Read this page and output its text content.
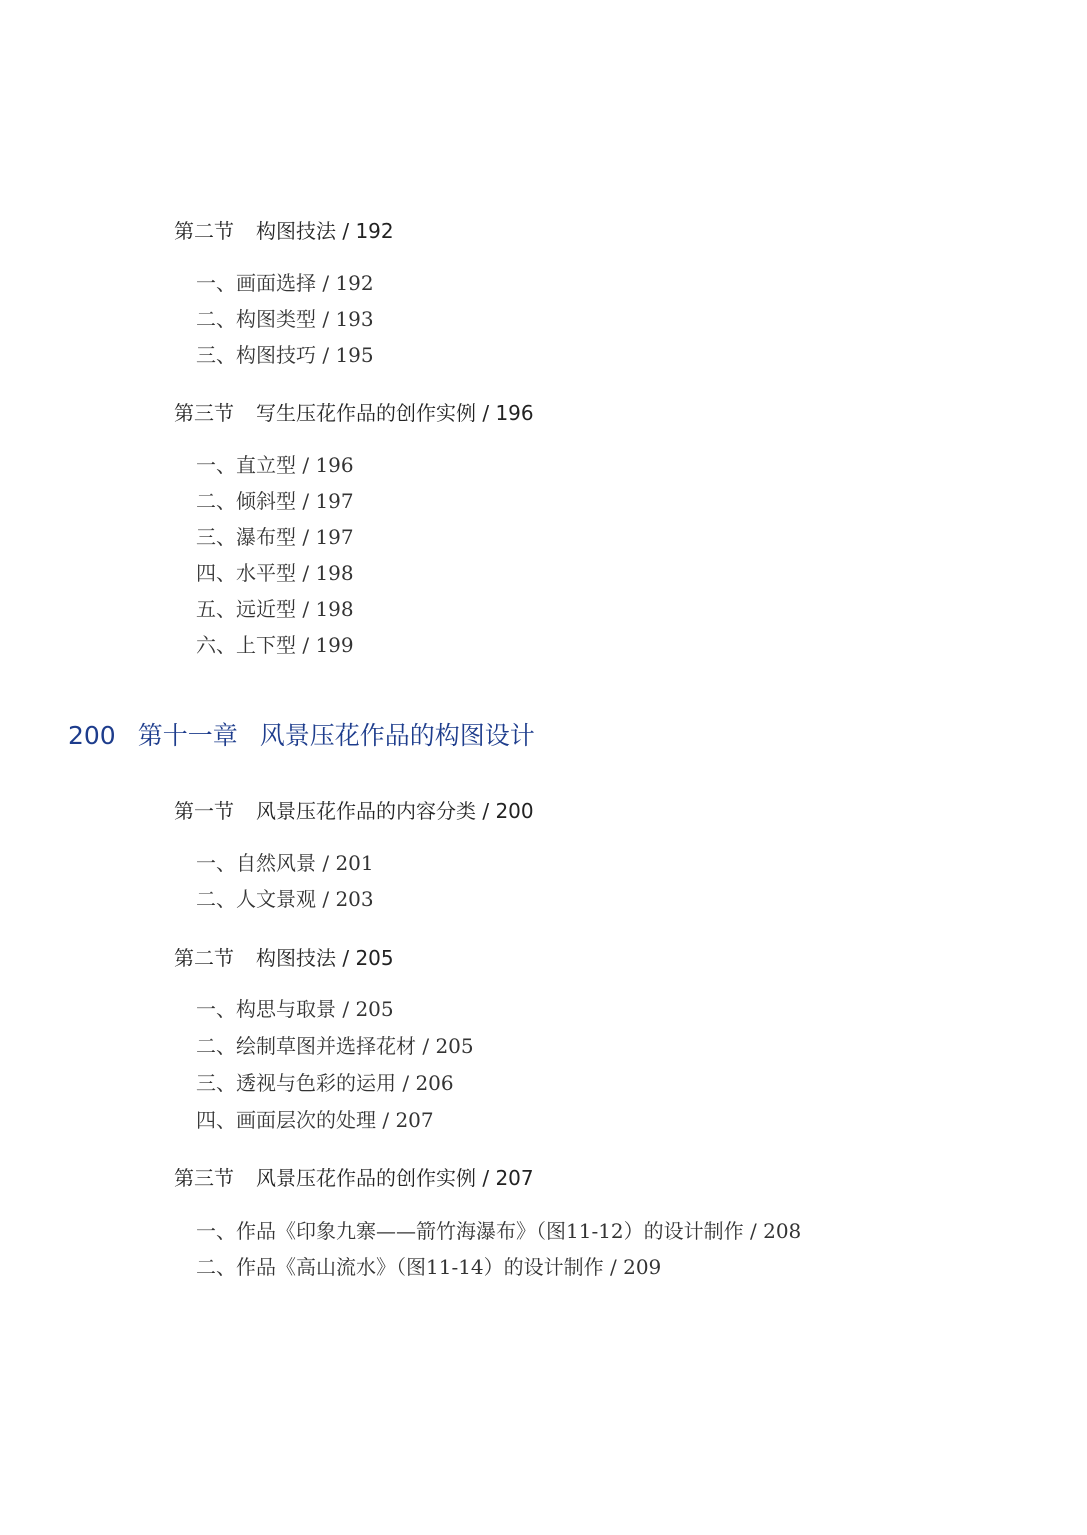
第二节 构图技法 / 192
一、画面选择 / 192
二、构图类型 / 193
三、构图技巧 / 195
第三节 写生压花作品的创作实例 / 196
一、直立型 / 196
二、倾斜型 / 197
三、瀑布型 / 197
四、水平型 / 198
五、远近型 / 198
六、上下型 / 199
200 第十一章 风景压花作品的构图设计
第一节 风景压花作品的内容分类 / 200
一、自然风景 / 201
二、人文景观 / 203
第二节 构图技法 / 205
一、构思与取景 / 205
二、绘制草图并选择花材 / 205
三、透视与色彩的运用 / 206
四、画面层次的处理 / 207
第三节 风景压花作品的创作实例 / 207
一、作品《印象九寨——箭竹海瀑布》（图11-12）的设计制作 / 208
二、作品《高山流水》（图11-14）的设计制作 / 209
